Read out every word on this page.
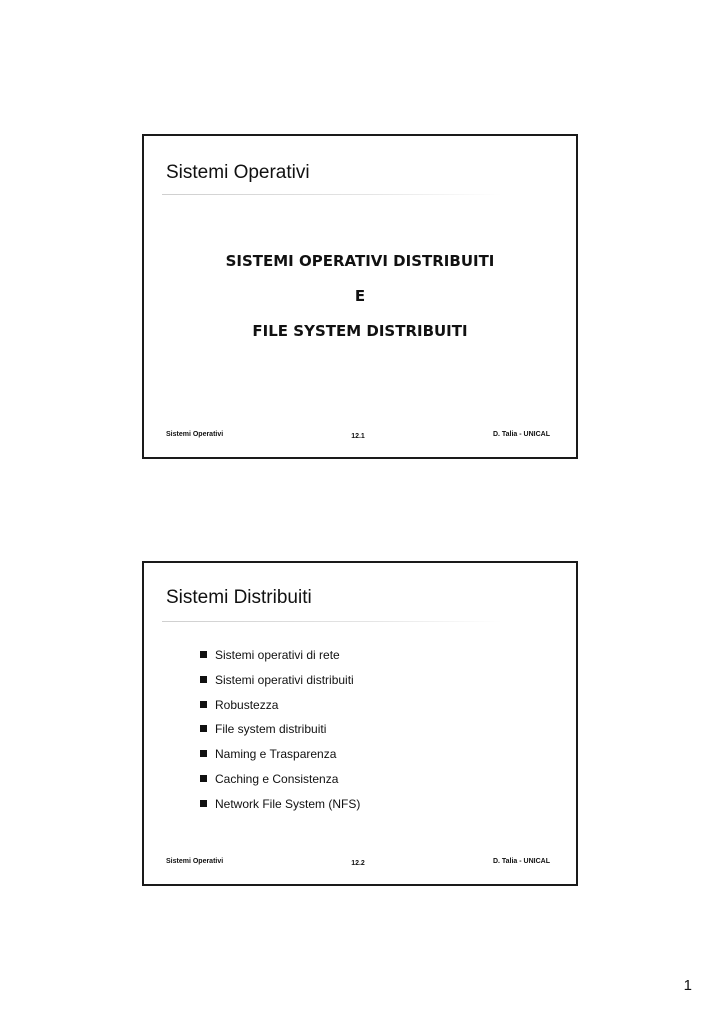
Sistemi Operativi
SISTEMI OPERATIVI DISTRIBUITI
E
FILE SYSTEM DISTRIBUITI
Sistemi Operativi	12.1	D. Talia - UNICAL
Sistemi Distribuiti
Sistemi operativi di rete
Sistemi operativi distribuiti
Robustezza
File system distribuiti
Naming e Trasparenza
Caching e Consistenza
Network File System (NFS)
Sistemi Operativi	12.2	D. Talia - UNICAL
1
